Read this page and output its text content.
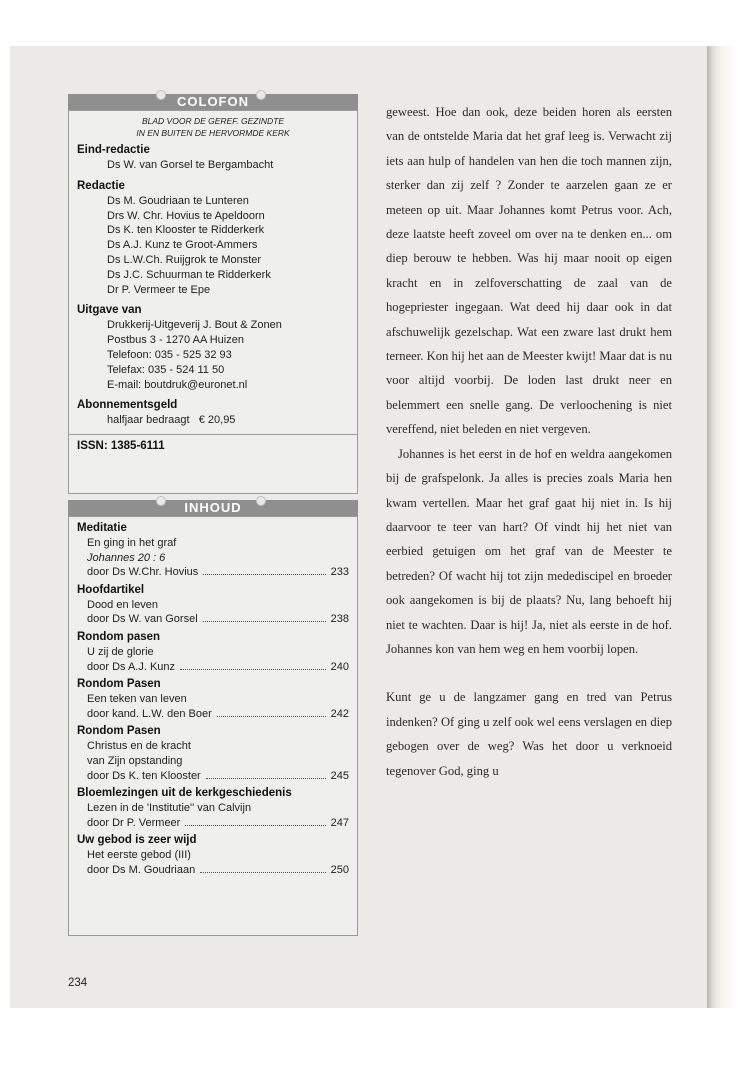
COLOFON
BLAD VOOR DE GEREF. GEZINDTE
IN EN BUITEN DE HERVORMDE KERK
Eind-redactie
Ds W. van Gorsel te Bergambacht
Redactie
Ds M. Goudriaan te Lunteren
Drs W. Chr. Hovius te Apeldoorn
Ds K. ten Klooster te Ridderkerk
Ds A.J. Kunz te Groot-Ammers
Ds L.W.Ch. Ruijgrok te Monster
Ds J.C. Schuurman te Ridderkerk
Dr P. Vermeer te Epe
Uitgave van
Drukkerij-Uitgeverij J. Bout & Zonen
Postbus 3 - 1270 AA Huizen
Telefoon: 035 - 525 32 93
Telefax: 035 - 524 11 50
E-mail: boutdruk@euronet.nl
Abonnementsgeld
halfjaar bedraagt   € 20,95
ISSN: 1385-6111
INHOUD
Meditatie
En ging in het graf
Johannes 20 : 6
door Ds W.Chr. Hovius	233
Hoofdartikel
Dood en leven
door Ds W. van Gorsel	238
Rondom pasen
U zij de glorie
door Ds A.J. Kunz	240
Rondom Pasen
Een teken van leven
door kand. L.W. den Boer	242
Rondom Pasen
Christus en de kracht
van Zijn opstanding
door Ds K. ten Klooster	245
Bloemlezingen uit de kerkgeschiedenis
Lezen in de 'Institutie'' van Calvijn
door Dr P. Vermeer	247
Uw gebod is zeer wijd
Het eerste gebod (III)
door Ds M. Goudriaan	250
234

geweest. Hoe dan ook, deze beiden horen als eersten van de ontstelde Maria dat het graf leeg is. Verwacht zij iets aan hulp of handelen van hen die toch mannen zijn, sterker dan zij zelf ? Zonder te aarzelen gaan ze er meteen op uit. Maar Johannes komt Petrus voor. Ach, deze laatste heeft zoveel om over na te denken en... om diep berouw te hebben. Was hij maar nooit op eigen kracht en in zelfoverschatting de zaal van de hogepriester ingegaan. Wat deed hij daar ook in dat afschuwelijk gezelschap. Wat een zware last drukt hem terneer. Kon hij het aan de Meester kwijt! Maar dat is nu voor altijd voorbij. De loden last drukt neer en belemmert een snelle gang. De verloochening is niet vereffend, niet beleden en niet vergeven.

Johannes is het eerst in de hof en weldra aangekomen bij de grafspelonk. Ja alles is precies zoals Maria hen kwam vertellen. Maar het graf gaat hij niet in. Is hij daarvoor te teer van hart? Of vindt hij het niet van eerbied getuigen om het graf van de Meester te betreden? Of wacht hij tot zijn medediscipel en broeder ook aangekomen is bij de plaats? Nu, lang behoeft hij niet te wachten. Daar is hij! Ja, niet als eerste in de hof. Johannes kon van hem weg en hem voorbij lopen.

Kunt ge u de langzamer gang en tred van Petrus indenken? Of ging u zelf ook wel eens verslagen en diep gebogen over de weg? Was het door u verknoeid tegenover God, ging u
